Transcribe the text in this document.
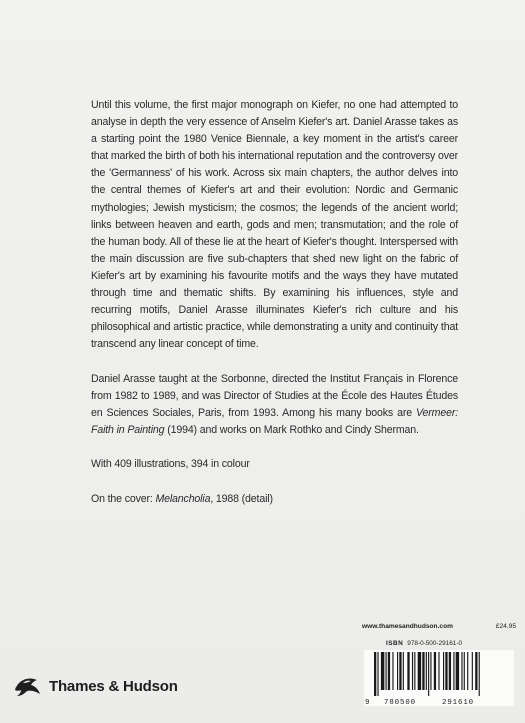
Until this volume, the first major monograph on Kiefer, no one had attempted to analyse in depth the very essence of Anselm Kiefer's art. Daniel Arasse takes as a starting point the 1980 Venice Biennale, a key moment in the artist's career that marked the birth of both his international reputation and the controversy over the 'Germanness' of his work. Across six main chapters, the author delves into the central themes of Kiefer's art and their evolution: Nordic and Germanic mythologies; Jewish mysticism; the cosmos; the legends of the ancient world; links between heaven and earth, gods and men; transmutation; and the role of the human body. All of these lie at the heart of Kiefer's thought. Interspersed with the main discussion are five sub-chapters that shed new light on the fabric of Kiefer's art by examining his favourite motifs and the ways they have mutated through time and thematic shifts. By examining his influences, style and recurring motifs, Daniel Arasse illuminates Kiefer's rich culture and his philosophical and artistic practice, while demonstrating a unity and continuity that transcend any linear concept of time.

Daniel Arasse taught at the Sorbonne, directed the Institut Français in Florence from 1982 to 1989, and was Director of Studies at the École des Hautes Études en Sciences Sociales, Paris, from 1993. Among his many books are Vermeer: Faith in Painting (1994) and works on Mark Rothko and Cindy Sherman.

With 409 illustrations, 394 in colour

On the cover: Melancholia, 1988 (detail)

www.thamesandhudson.com	£24.95
ISBN 978-0-500-29161-0
9 780500	291610
Thames & Hudson
